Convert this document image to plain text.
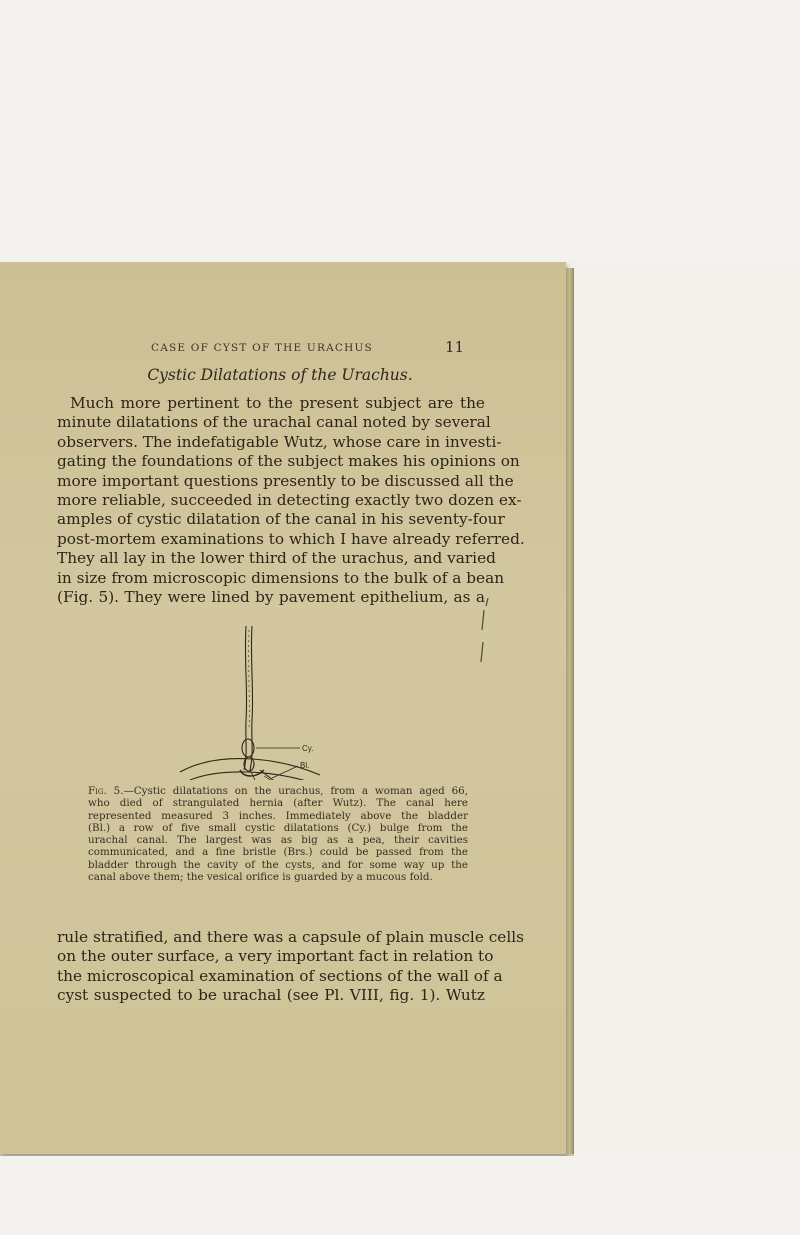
CASE OF CYST OF THE URACHUS	11
Cystic Dilatations of the Urachus.
Much more pertinent to the present subject are the
minute dilatations of the urachal canal noted by several
observers. The indefatigable Wutz, whose care in investi-
gating the foundations of the subject makes his opinions on
more important questions presently to be discussed all the
more reliable, succeeded in detecting exactly two dozen ex-
amples of cystic dilatation of the canal in his seventy-four
post-mortem examinations to which I have already referred.
They all lay in the lower third of the urachus, and varied
in size from microscopic dimensions to the bulk of a bean
(Fig. 5). They were lined by pavement epithelium, as a
Cy.
Bl.
Fig. 5.—Cystic dilatations on the urachus, from a woman aged 66,
who died of strangulated hernia (after Wutz). The canal here
represented measured 3 inches. Immediately above the bladder
(Bl.) a row of five small cystic dilatations (Cy.) bulge from the
urachal canal. The largest was as big as a pea, their cavities
communicated, and a fine bristle (Brs.) could be passed from the
bladder through the cavity of the cysts, and for some way up the
canal above them; the vesical orifice is guarded by a mucous fold.
rule stratified, and there was a capsule of plain muscle cells
on the outer surface, a very important fact in relation to
the microscopical examination of sections of the wall of a
cyst suspected to be urachal (see Pl. VIII, fig. 1). Wutz
